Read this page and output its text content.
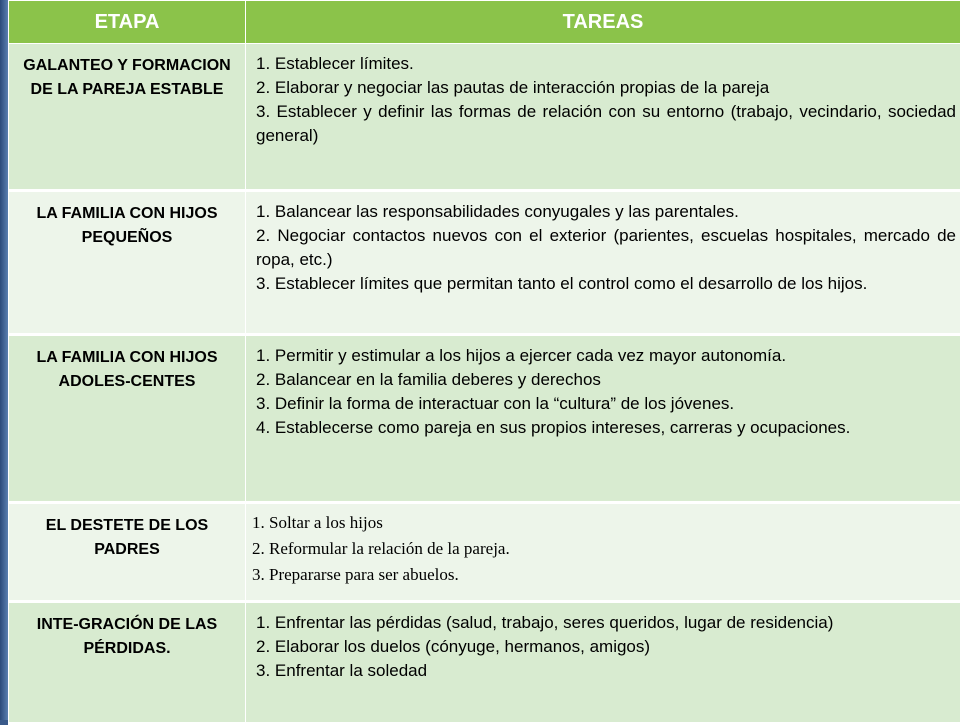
ETAPA	TAREAS
GALANTEO Y FORMACION DE LA PAREJA ESTABLE	1. Establecer límites.
2. Elaborar y negociar las pautas de interacción propias de la pareja
3. Establecer y definir las formas de relación con su entorno (trabajo, vecindario, sociedad general)

LA FAMILIA CON HIJOS PEQUEÑOS	1. Balancear las responsabilidades conyugales y las parentales.
2. Negociar contactos nuevos con el exterior (parientes, escuelas hospitales, mercado de ropa, etc.)
3. Establecer límites que permitan tanto el control como el desarrollo de los hijos.

LA FAMILIA CON HIJOS ADOLES-CENTES	1. Permitir y estimular a los hijos a ejercer cada vez mayor autonomía.
2. Balancear en la familia deberes y derechos
3. Definir la forma de interactuar con la “cultura” de los jóvenes.
4. Establecerse como pareja en sus propios intereses, carreras y ocupaciones.

EL DESTETE DE LOS PADRES	1. Soltar a los hijos
2. Reformular la relación de la pareja.
3. Prepararse para ser abuelos.

INTE-GRACIÓN DE LAS PÉRDIDAS.	1. Enfrentar las pérdidas (salud, trabajo, seres queridos, lugar de residencia)
2. Elaborar los duelos (cónyuge, hermanos, amigos)
3. Enfrentar la soledad
